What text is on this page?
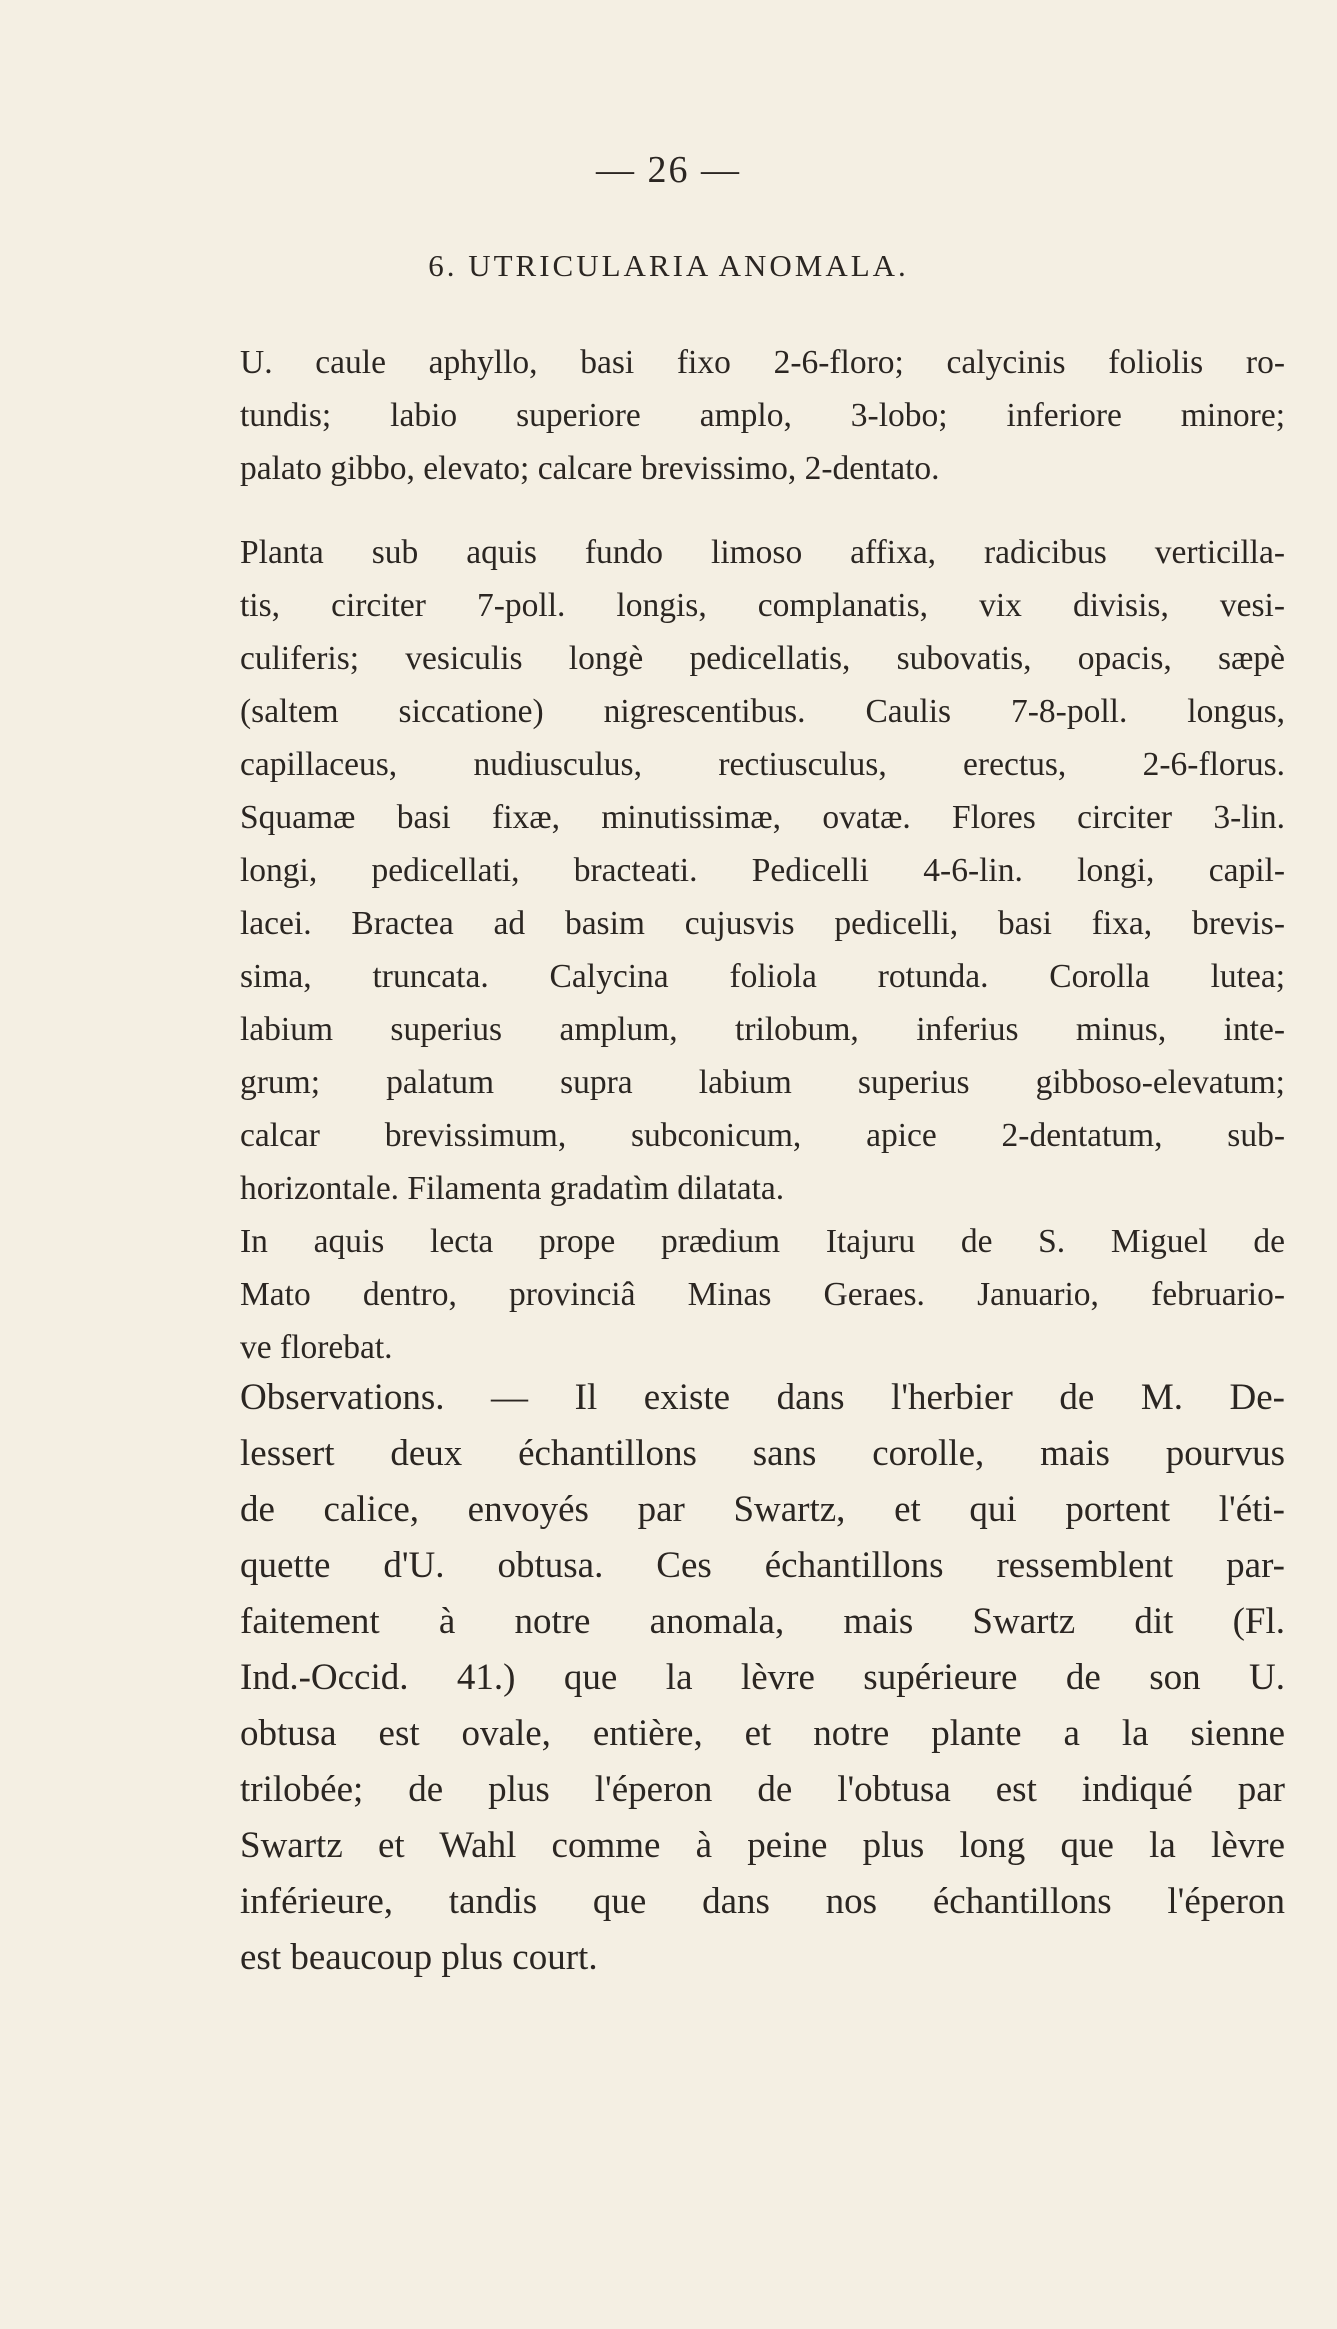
— 26 —
6. UTRICULARIA ANOMALA.
U. caule aphyllo, basi fixo 2-6-floro; calycinis foliolis ro-
tundis; labio superiore amplo, 3-lobo; inferiore minore;
palato gibbo, elevato; calcare brevissimo, 2-dentato.
Planta sub aquis fundo limoso affixa, radicibus verticilla-
tis, circiter 7-poll. longis, complanatis, vix divisis, vesi-
culiferis; vesiculis longè pedicellatis, subovatis, opacis, sæpè
(saltem siccatione) nigrescentibus. Caulis 7-8-poll. longus,
capillaceus, nudiusculus, rectiusculus, erectus, 2-6-florus.
Squamæ basi fixæ, minutissimæ, ovatæ. Flores circiter 3-lin.
longi, pedicellati, bracteati. Pedicelli 4-6-lin. longi, capil-
lacei. Bractea ad basim cujusvis pedicelli, basi fixa, brevis-
sima, truncata. Calycina foliola rotunda. Corolla lutea;
labium superius amplum, trilobum, inferius minus, inte-
grum; palatum supra labium superius gibboso-elevatum;
calcar brevissimum, subconicum, apice 2-dentatum, sub-
horizontale. Filamenta gradatìm dilatata.
In aquis lecta prope prædium Itajuru de S. Miguel de
Mato dentro, provinciâ Minas Geraes. Januario, februario-
ve florebat.
Observations. — Il existe dans l'herbier de M. De-
lessert deux échantillons sans corolle, mais pourvus
de calice, envoyés par Swartz, et qui portent l'éti-
quette d'U. obtusa. Ces échantillons ressemblent par-
faitement à notre anomala, mais Swartz dit (Fl.
Ind.-Occid. 41.) que la lèvre supérieure de son U.
obtusa est ovale, entière, et notre plante a la sienne
trilobée; de plus l'éperon de l'obtusa est indiqué par
Swartz et Wahl comme à peine plus long que la lèvre
inférieure, tandis que dans nos échantillons l'éperon
est beaucoup plus court.
